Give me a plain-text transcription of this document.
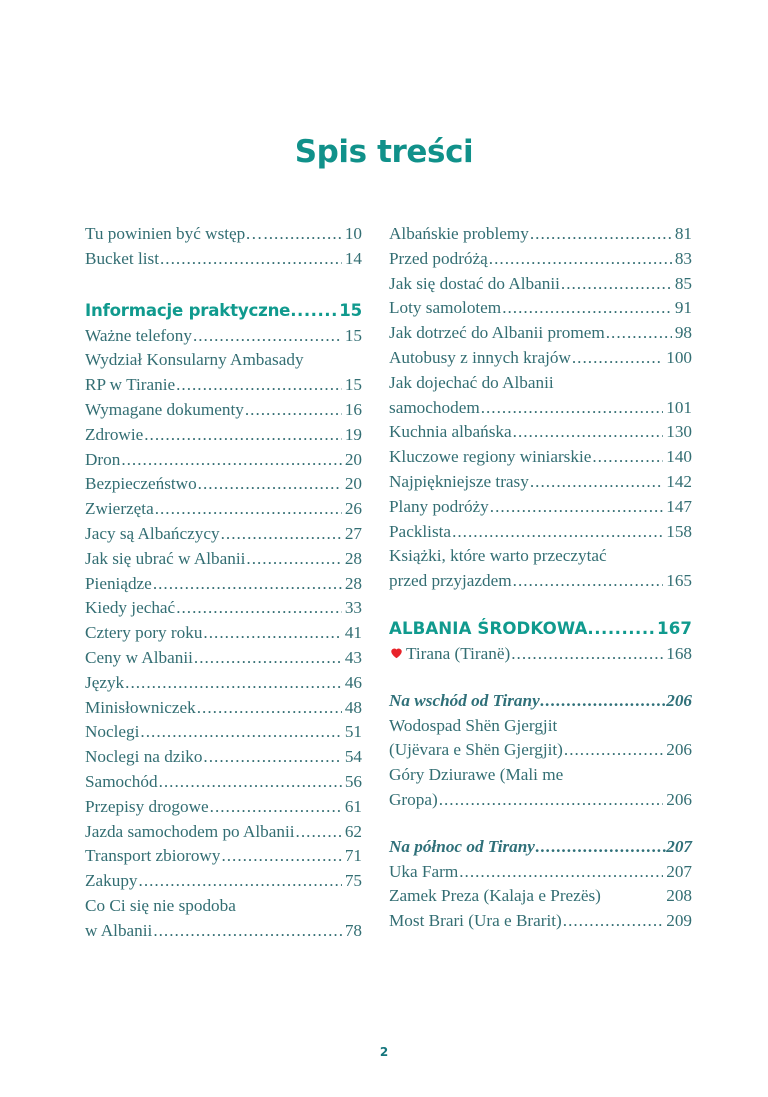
Spis treści
Tu powinien być wstęp… .....	10
Bucket list .....	14
Informacje praktyczne .....	15
Ważne telefony .....	15
Wydział Konsularny Ambasady
RP w Tiranie .....	15
Wymagane dokumenty .....	16
Zdrowie .....	19
Dron .....	20
Bezpieczeństwo .....	20
Zwierzęta .....	26
Jacy są Albańczycy .....	27
Jak się ubrać w Albanii .....	28
Pieniądze .....	28
Kiedy jechać .....	33
Cztery pory roku .....	41
Ceny w Albanii .....	43
Język .....	46
Minisłowniczek .....	48
Noclegi .....	51
Noclegi na dziko .....	54
Samochód .....	56
Przepisy drogowe .....	61
Jazda samochodem po Albanii .....	62
Transport zbiorowy .....	71
Zakupy .....	75
Co Ci się nie spodoba
w Albanii .....	78
Albańskie problemy .....	81
Przed podróżą .....	83
Jak się dostać do Albanii .....	85
Loty samolotem .....	91
Jak dotrzeć do Albanii promem .....	98
Autobusy z innych krajów .....	100
Jak dojechać do Albanii
samochodem .....	101
Kuchnia albańska .....	130
Kluczowe regiony winiarskie .....	140
Najpiękniejsze trasy .....	142
Plany podróży .....	147
Packlista .....	158
Książki, które warto przeczytać
przed przyjazdem .....	165
ALBANIA ŚRODKOWA .....	167
Tirana (Tiranë) .....	168
Na wschód od Tirany .....	206
Wodospad Shën Gjergjit
(Ujëvara e Shën Gjergjit) .....	206
Góry Dziurawe (Mali me
Gropa) .....	206
Na północ od Tirany .....	207
Uka Farm .....	207
Zamek Preza (Kalaja e Prezës)	208
Most Brari (Ura e Brarit) .....	209
2
